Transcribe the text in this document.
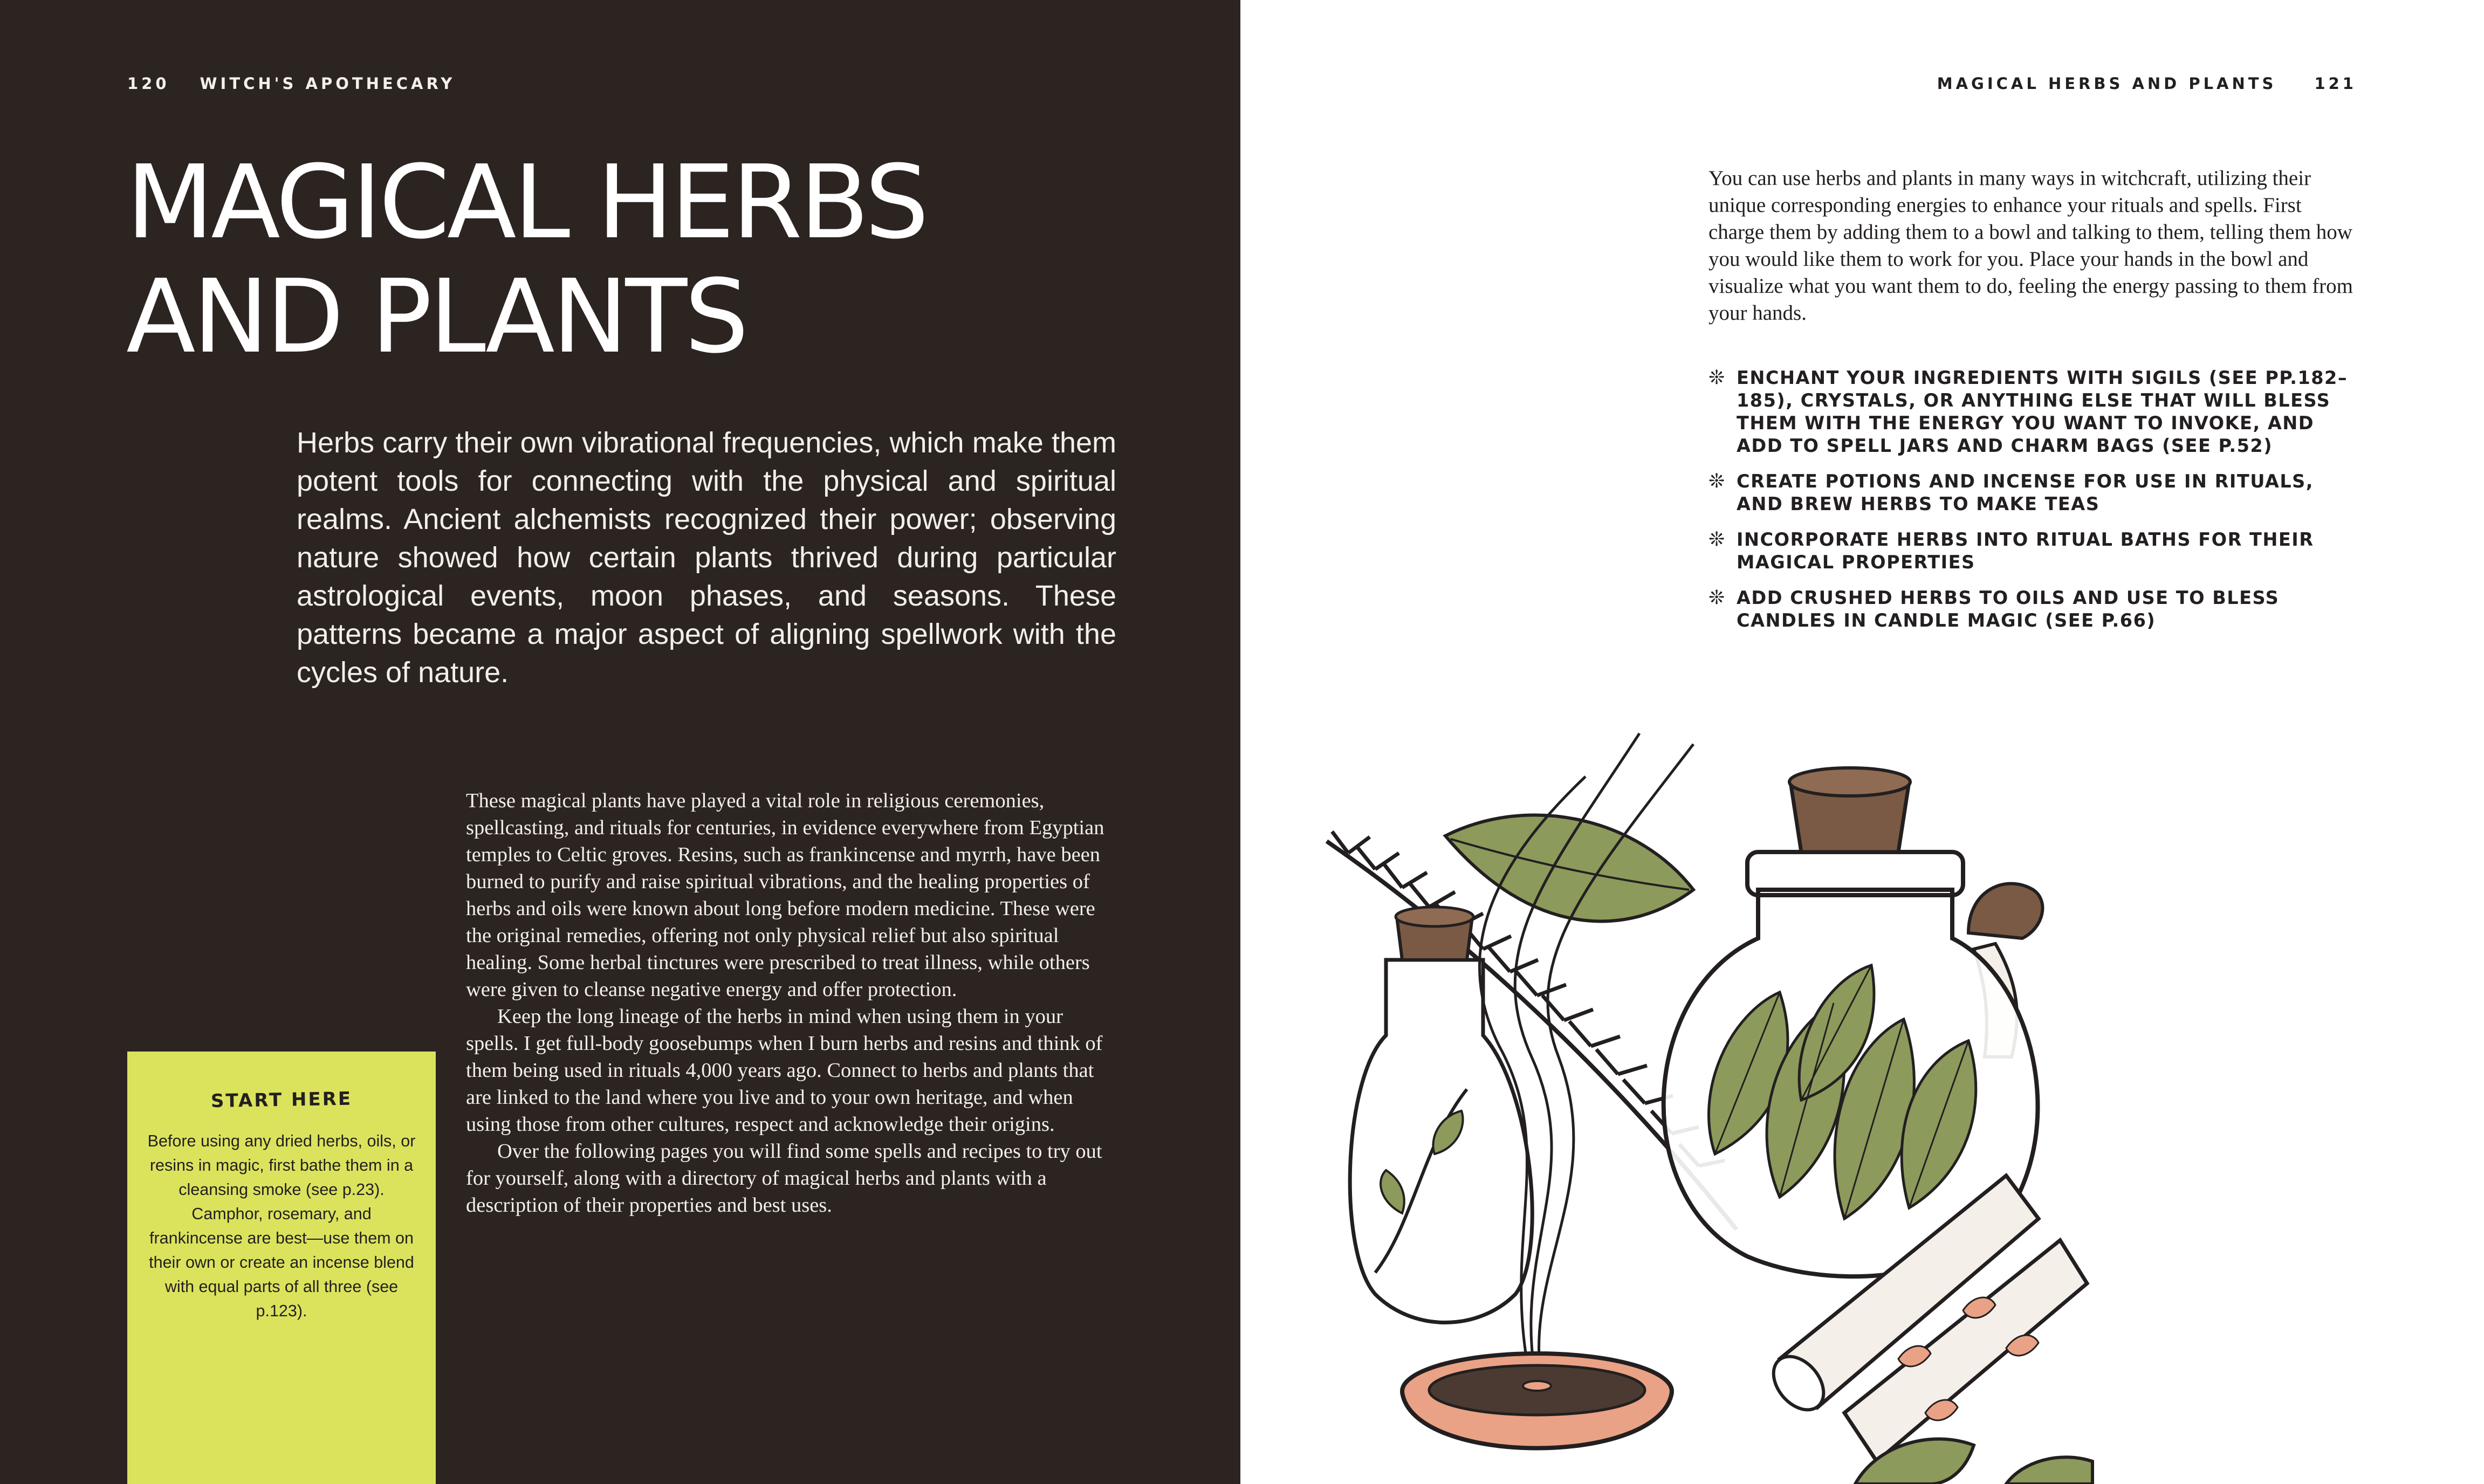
120 WITCH'S APOTHECARY
MAGICAL HERBS
AND PLANTS

Herbs carry their own vibrational frequencies, which make them potent tools for connecting with the physical and spiritual realms. Ancient alchemists recognized their power; observing nature showed how certain plants thrived during particular astrological events, moon phases, and seasons. These patterns became a major aspect of aligning spellwork with the cycles of nature.

These magical plants have played a vital role in religious ceremonies, spellcasting, and rituals for centuries, in evidence everywhere from Egyptian temples to Celtic groves. Resins, such as frankincense and myrrh, have been burned to purify and raise spiritual vibrations, and the healing properties of herbs and oils were known about long before modern medicine. These were the original remedies, offering not only physical relief but also spiritual healing. Some herbal tinctures were prescribed to treat illness, while others were given to cleanse negative energy and offer protection.

Keep the long lineage of the herbs in mind when using them in your spells. I get full-body goosebumps when I burn herbs and resins and think of them being used in rituals 4,000 years ago. Connect to herbs and plants that are linked to the land where you live and to your own heritage, and when using those from other cultures, respect and acknowledge their origins.

Over the following pages you will find some spells and recipes to try out for yourself, along with a directory of magical herbs and plants with a description of their properties and best uses.

START HERE

Before using any dried herbs, oils, or resins in magic, first bathe them in a cleansing smoke (see p.23). Camphor, rosemary, and frankincense are best—use them on their own or create an incense blend with equal parts of all three (see p.123).

MAGICAL HERBS AND PLANTS 121

You can use herbs and plants in many ways in witchcraft, utilizing their unique corresponding energies to enhance your rituals and spells. First charge them by adding them to a bowl and talking to them, telling them how you would like them to work for you. Place your hands in the bowl and visualize what you want them to do, feeling the energy passing to them from your hands.

❊ ENCHANT YOUR INGREDIENTS WITH SIGILS (SEE PP.182–185), CRYSTALS, OR ANYTHING ELSE THAT WILL BLESS THEM WITH THE ENERGY YOU WANT TO INVOKE, AND ADD TO SPELL JARS AND CHARM BAGS (SEE P.52)
❊ CREATE POTIONS AND INCENSE FOR USE IN RITUALS, AND BREW HERBS TO MAKE TEAS
❊ INCORPORATE HERBS INTO RITUAL BATHS FOR THEIR MAGICAL PROPERTIES
❊ ADD CRUSHED HERBS TO OILS AND USE TO BLESS CANDLES IN CANDLE MAGIC (SEE P.66)
